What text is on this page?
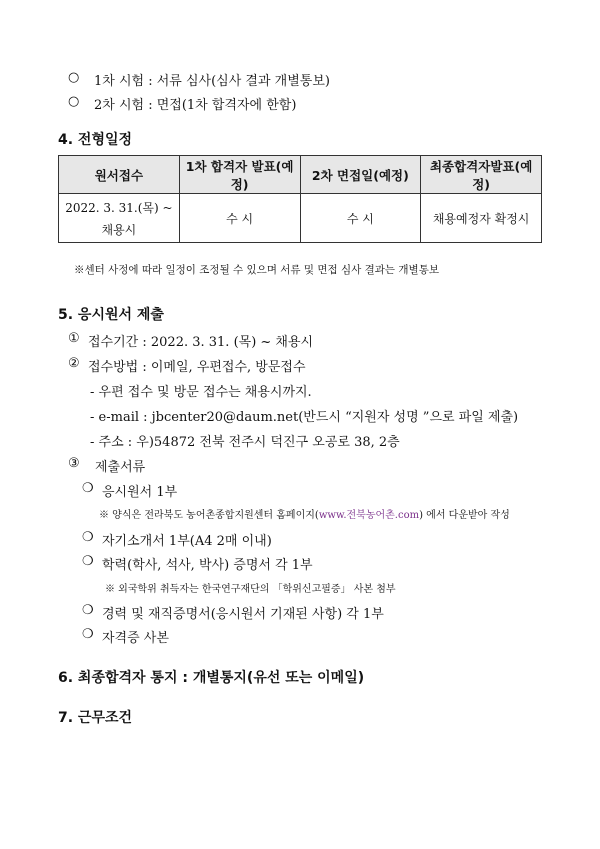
○ 1차 시험 : 서류 심사(심사 결과 개별통보)
○ 2차 시험 : 면접(1차 합격자에 한함)
4. 전형일정
원서접수	1차 합격자 발표(예정)	2차 면접일(예정)	최종합격자발표(예정)

2022. 3. 31.(목) ~
채용시	수 시	수 시	채용예정자 확정시
※센터 사정에 따라 일정이 조정될 수 있으며 서류 및 면접 심사 결과는 개별통보
5. 응시원서 제출
① 접수기간 : 2022. 3. 31. (목) ~ 채용시
② 접수방법 : 이메일, 우편접수, 방문접수
- 우편 접수 및 방문 접수는 채용시까지.
- e-mail : jbcenter20@daum.net(반드시 “지원자 성명 ”으로 파일 제출)
- 주소 : 우)54872 전북 전주시 덕진구 오공로 38, 2층
③ 제출서류
❍ 응시원서 1부
※ 양식은 전라북도 농어촌종합지원센터 홈페이지(www.전북농어촌.com) 에서 다운받아 작성
❍ 자기소개서 1부(A4 2매 이내)
❍ 학력(학사, 석사, 박사) 증명서 각 1부
※ 외국학위 취득자는 한국연구재단의 「학위신고필증」 사본 첨부
❍ 경력 및 재직증명서(응시원서 기재된 사항) 각 1부
❍ 자격증 사본
6. 최종합격자 통지 : 개별통지(유선 또는 이메일)
7. 근무조건
